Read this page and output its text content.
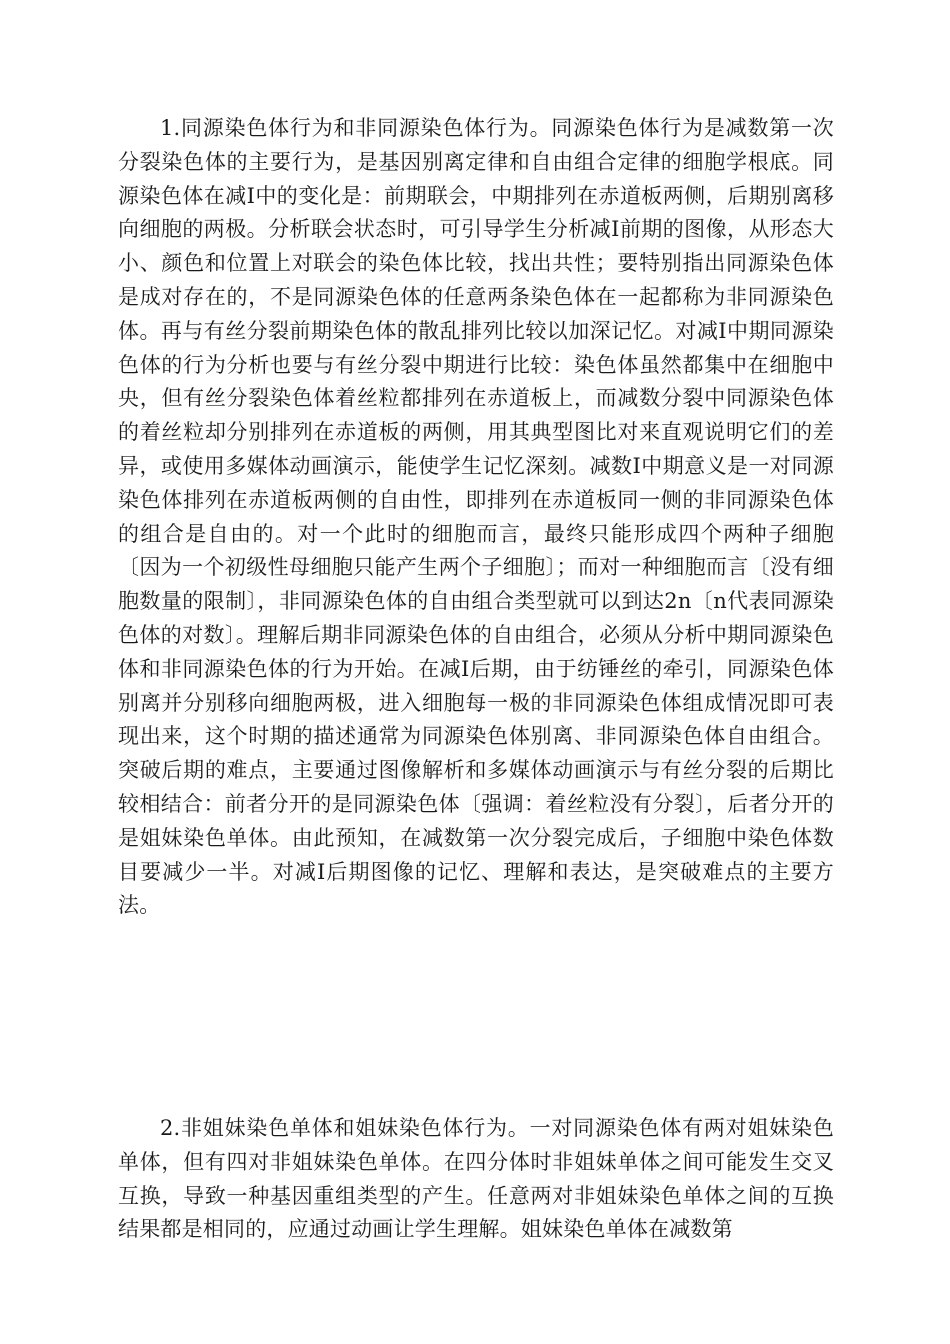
1.同源染色体行为和非同源染色体行为。同源染色体行为是减数第一次分裂染色体的主要行为，是基因别离定律和自由组合定律的细胞学根底。同源染色体在减Ⅰ中的变化是：前期联会，中期排列在赤道板两侧，后期别离移向细胞的两极。分析联会状态时，可引导学生分析减Ⅰ前期的图像，从形态大小、颜色和位置上对联会的染色体比较，找出共性；要特别指出同源染色体是成对存在的，不是同源染色体的任意两条染色体在一起都称为非同源染色体。再与有丝分裂前期染色体的散乱排列比较以加深记忆。对减Ⅰ中期同源染色体的行为分析也要与有丝分裂中期进行比较：染色体虽然都集中在细胞中央，但有丝分裂染色体着丝粒都排列在赤道板上，而减数分裂中同源染色体的着丝粒却分别排列在赤道板的两侧，用其典型图比对来直观说明它们的差异，或使用多媒体动画演示，能使学生记忆深刻。减数Ⅰ中期意义是一对同源染色体排列在赤道板两侧的自由性，即排列在赤道板同一侧的非同源染色体的组合是自由的。对一个此时的细胞而言，最终只能形成四个两种子细胞〔因为一个初级性母细胞只能产生两个子细胞〕；而对一种细胞而言〔没有细胞数量的限制〕，非同源染色体的自由组合类型就可以到达2n〔n代表同源染色体的对数〕。理解后期非同源染色体的自由组合，必须从分析中期同源染色体和非同源染色体的行为开始。在减Ⅰ后期，由于纺锤丝的牵引，同源染色体别离并分别移向细胞两极，进入细胞每一极的非同源染色体组成情况即可表现出来，这个时期的描述通常为同源染色体别离、非同源染色体自由组合。突破后期的难点，主要通过图像解析和多媒体动画演示与有丝分裂的后期比较相结合：前者分开的是同源染色体〔强调：着丝粒没有分裂〕，后者分开的是姐妹染色单体。由此预知，在减数第一次分裂完成后，子细胞中染色体数目要减少一半。对减Ⅰ后期图像的记忆、理解和表达，是突破难点的主要方法。

2.非姐妹染色单体和姐妹染色体行为。一对同源染色体有两对姐妹染色单体，但有四对非姐妹染色单体。在四分体时非姐妹单体之间可能发生交叉互换，导致一种基因重组类型的产生。任意两对非姐妹染色单体之间的互换结果都是相同的，应通过动画让学生理解。姐妹染色单体在减数第
